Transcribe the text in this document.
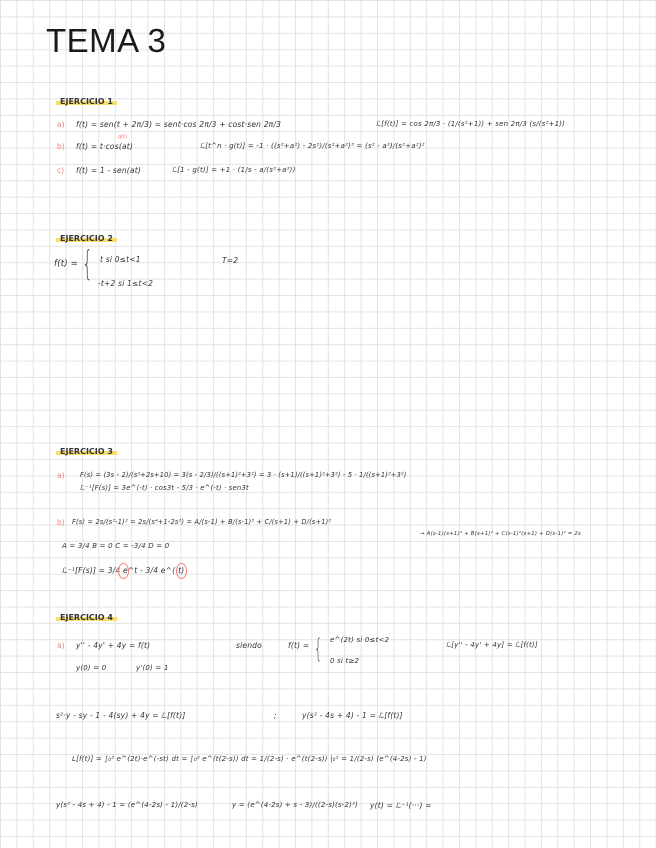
TEMA 3
EJERCICIO 1
a) f(t) = sen(t + 2π/3) = sent·cos 2π/3 + cost·sen 2π/3	ℒ[f(t)] = cos 2π/3 · (1/(s²+1)) + sen 2π/3 (s/(s²+1))
g(t)
b) f(t) = t·cos(at)	ℒ[t^n · g(t)] = -1 · ((s²+a²) - 2s²)/(s²+a²)² = (s² - a²)/(s²+a²)²
c) f(t) = 1 - sen(at)	ℒ[1 - g(t)] = +1 · (1/s - a/(s²+a²))
EJERCICIO 2
f(t) = { t si 0≤t<1
-t+2 si 1≤t<2
T=2
EJERCICIO 3
a) F(s) = (3s - 2)/(s²+2s+10) = 3(s - 2/3)/((s+1)²+3²) = 3 · (s+1)/((s+1)²+3²) - 5 · 1/((s+1)²+3²)
ℒ⁻¹[F(s)] = 3e^(-t) · cos3t - 5/3 · e^(-t) · sen3t
b) F(s) = 2s/(s²-1)² = 2s/(s⁴+1-2s²) = A/(s-1) + B/(s-1)² + C/(s+1) + D/(s+1)²
→ A(s-1)(s+1)² + B(s+1)² + C(s-1)²(s+1) + D(s-1)² = 2s
A = 3/4 B = 0 C = -3/4 D = 0
ℒ⁻¹[F(s)] = 3/4 e^t - 3/4 e^(-t)
EJERCICIO 4
a) y'' - 4y' + 4y = f(t)
y(0) = 0	y'(0) = 1
siendo	f(t) = { e^(2t) si 0≤t<2
0 si t≥2
ℒ[y'' - 4y' + 4y] = ℒ[f(t)]
s²·y - sy - 1 - 4(sy) + 4y = ℒ[f(t)]	;	y(s² - 4s + 4) - 1 = ℒ[f(t)]
L[f(t)] = ∫₀² e^(2t)·e^(-st) dt = ∫₀² e^(t(2-s)) dt = 1/(2-s) · e^(t(2-s)) |₀² = 1/(2-s) (e^(4-2s) - 1)
y(s² - 4s + 4) - 1 = (e^(4-2s) - 1)/(2-s)	y = (e^(4-2s) + s - 3)/((2-s)(s-2)²) y(t) = ℒ⁻¹(···) =
